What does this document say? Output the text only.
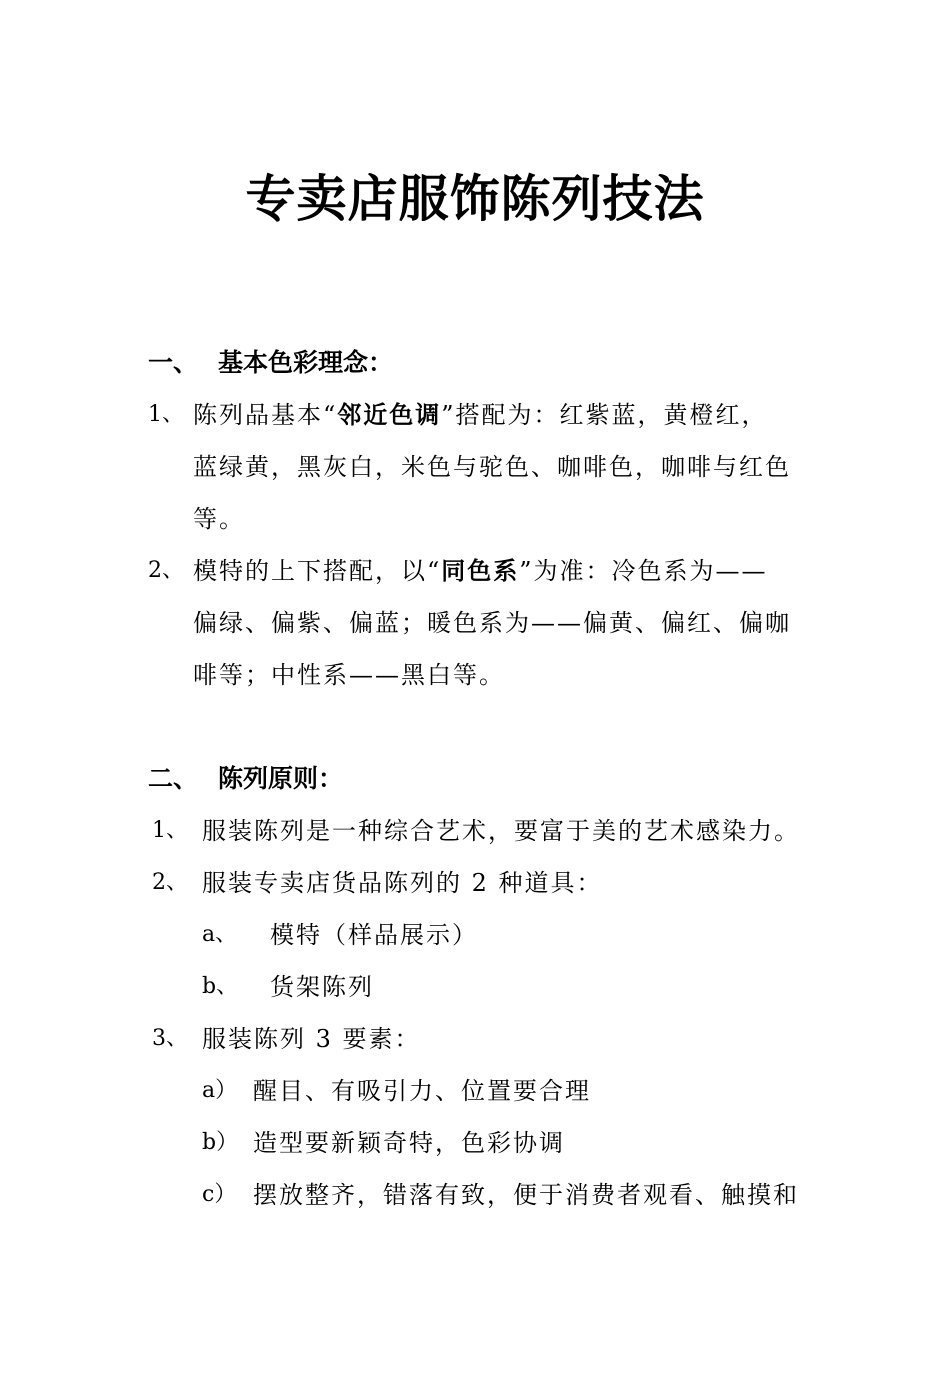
专卖店服饰陈列技法
一、 基本色彩理念：
1、 陈列品基本“邻近色调”搭配为：红紫蓝，黄橙红，
蓝绿黄，黑灰白，米色与驼色、咖啡色，咖啡与红色
等。
2、 模特的上下搭配，以“同色系”为准：冷色系为——
偏绿、偏紫、偏蓝；暖色系为——偏黄、偏红、偏咖
啡等；中性系——黑白等。
二、 陈列原则：
1、 服装陈列是一种综合艺术，要富于美的艺术感染力。
2、 服装专卖店货品陈列的 2 种道具：
a、 模特（样品展示）
b、 货架陈列
3、 服装陈列 3 要素：
a） 醒目、有吸引力、位置要合理
b） 造型要新颖奇特，色彩协调
c） 摆放整齐，错落有致，便于消费者观看、触摸和
